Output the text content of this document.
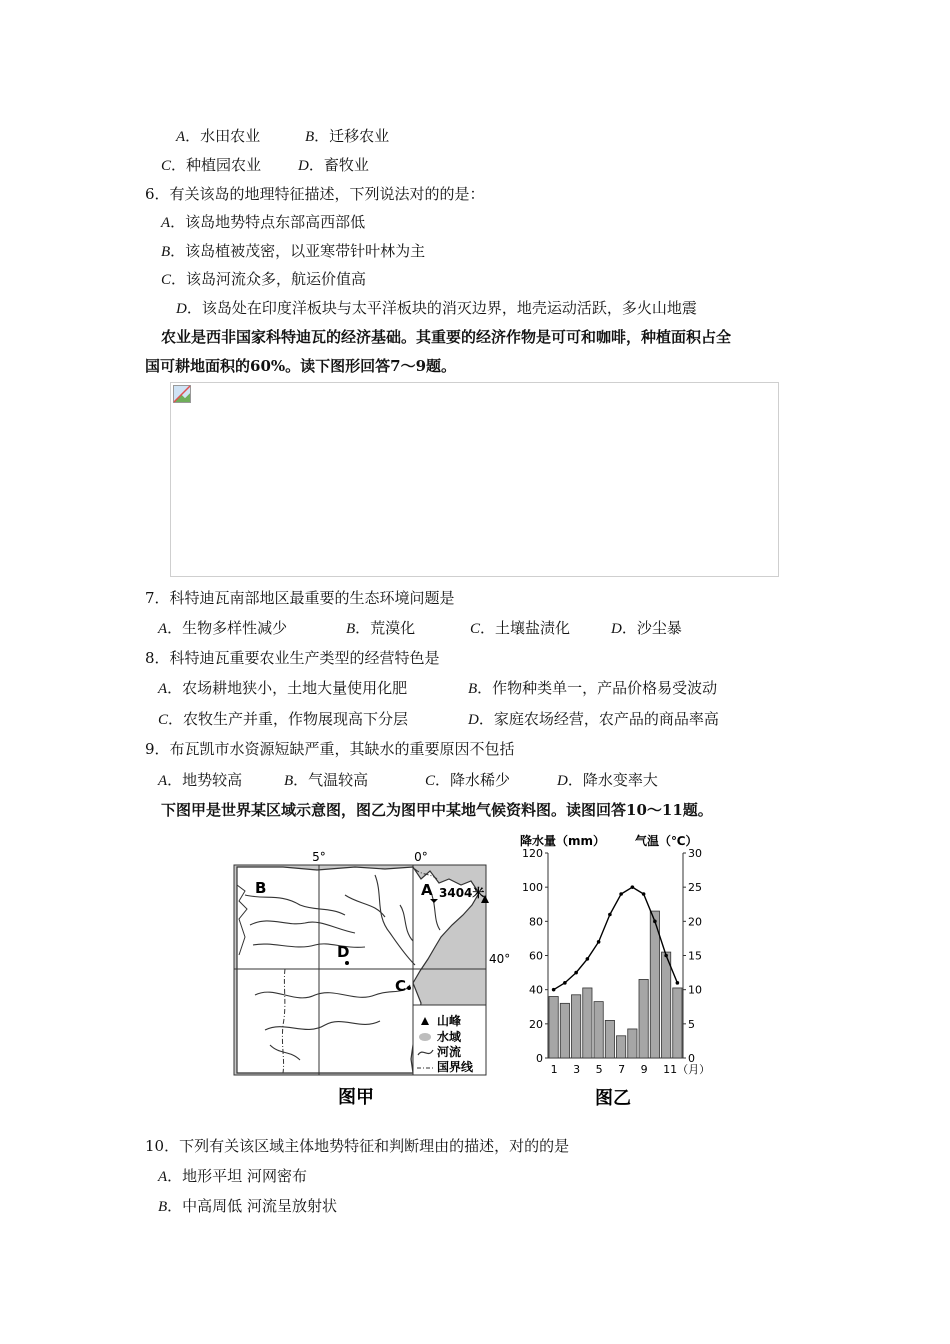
A．水田农业	B．迁移农业
C．种植园农业 D．畜牧业
6．有关该岛的地理特征描述，下列说法对的的是：
A．该岛地势特点东部高西部低
B．该岛植被茂密，以亚寒带针叶林为主
C．该岛河流众多，航运价值高
D．该岛处在印度洋板块与太平洋板块的消灭边界，地壳运动活跃，多火山地震
农业是西非国家科特迪瓦的经济基础。其重要的经济作物是可可和咖啡，种植面积占全
国可耕地面积的60%。读下图形回答7～9题。
7．科特迪瓦南部地区最重要的生态环境问题是
A．生物多样性减少	B．荒漠化	C．土壤盐渍化	D．沙尘暴
8．科特迪瓦重要农业生产类型的经营特色是
A．农场耕地狭小，土地大量使用化肥	B．作物种类单一，产品价格易受波动
C．农牧生产并重，作物展现高下分层	D．家庭农场经营，农产品的商品率高
9．布瓦凯市水资源短缺严重，其缺水的重要原因不包括
A．地势较高	B．气温较高	C．降水稀少	D．降水变率大
下图甲是世界某区域示意图，图乙为图甲中某地气候资料图。读图回答10～11题。
5°	0°
40°
B	A 3404米
D
C
山峰
水域
河流
国界线
图甲
降水量（mm） 气温（℃）
120
100
80
60
40
20
0
30
25
20
15
10
5
0
1 3 5 7 9 11（月）
图乙
10．下列有关该区域主体地势特征和判断理由的描述，对的的是
A．地形平坦 河网密布
B．中高周低 河流呈放射状
